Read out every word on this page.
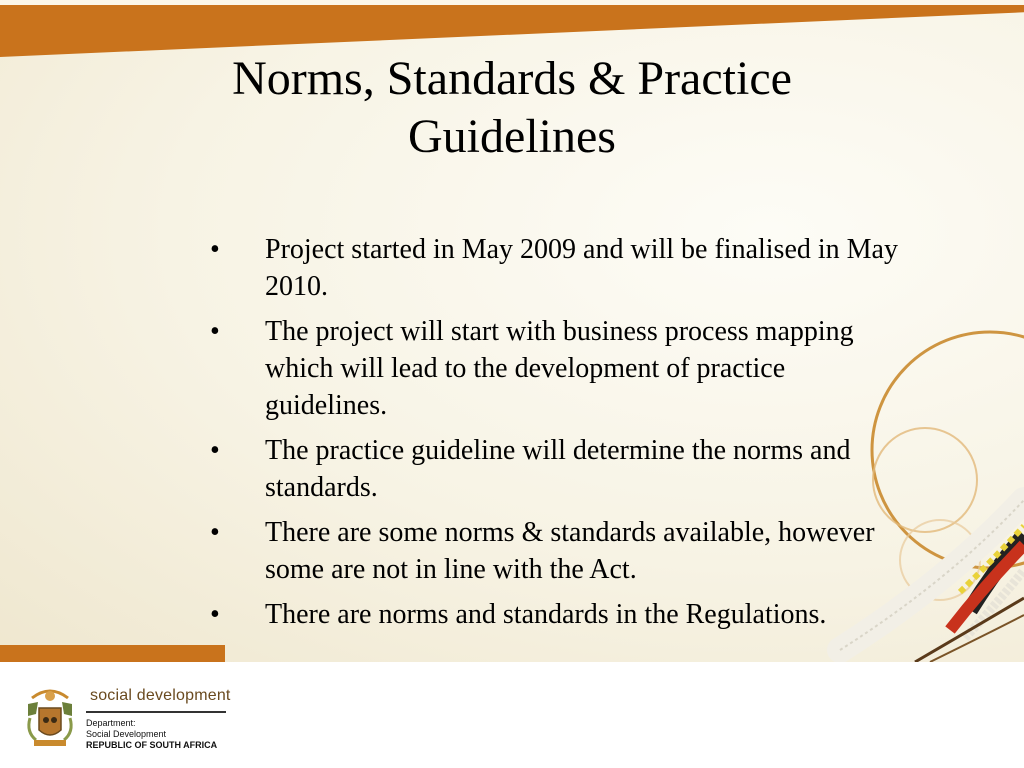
Norms, Standards & Practice
Guidelines
• Project started in May 2009 and will be finalised in May 2010.
• The project will start with business process mapping which will lead to the development of practice guidelines.
• The practice guideline will determine the norms and standards.
• There are some norms & standards available, however some are not in line with the Act.
• There are norms and standards in the Regulations.
social development
Department:
Social Development
REPUBLIC OF SOUTH AFRICA
